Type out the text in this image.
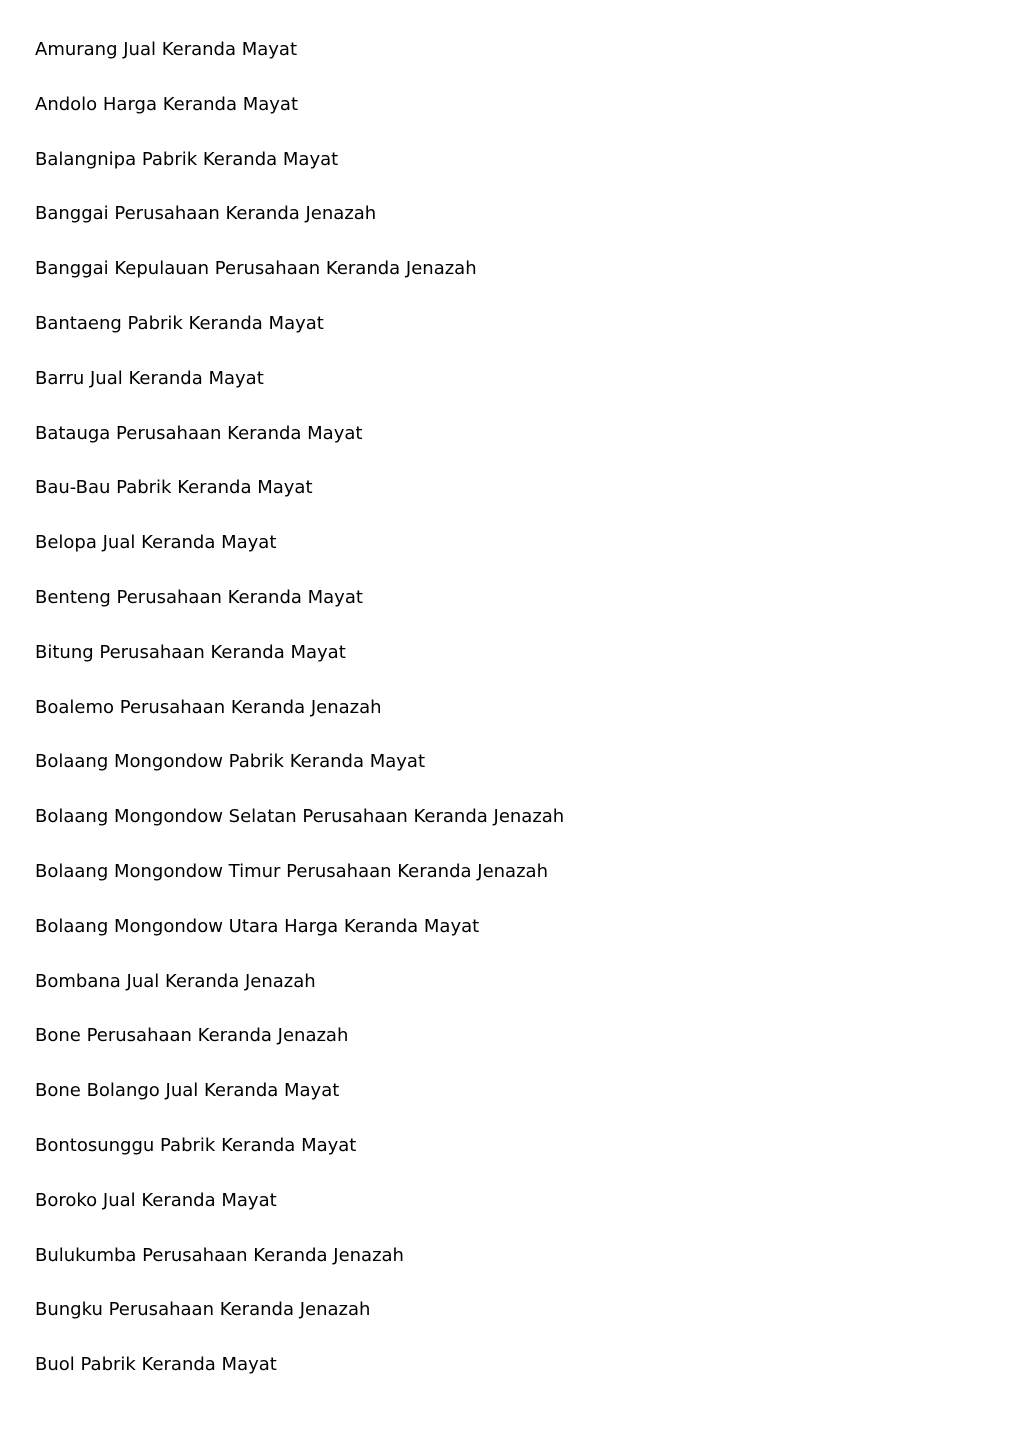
Amurang Jual Keranda Mayat
Andolo Harga Keranda Mayat
Balangnipa Pabrik Keranda Mayat
Banggai Perusahaan Keranda Jenazah
Banggai Kepulauan Perusahaan Keranda Jenazah
Bantaeng Pabrik Keranda Mayat
Barru Jual Keranda Mayat
Batauga Perusahaan Keranda Mayat
Bau-Bau Pabrik Keranda Mayat
Belopa Jual Keranda Mayat
Benteng Perusahaan Keranda Mayat
Bitung Perusahaan Keranda Mayat
Boalemo Perusahaan Keranda Jenazah
Bolaang Mongondow Pabrik Keranda Mayat
Bolaang Mongondow Selatan Perusahaan Keranda Jenazah
Bolaang Mongondow Timur Perusahaan Keranda Jenazah
Bolaang Mongondow Utara Harga Keranda Mayat
Bombana Jual Keranda Jenazah
Bone Perusahaan Keranda Jenazah
Bone Bolango Jual Keranda Mayat
Bontosunggu Pabrik Keranda Mayat
Boroko Jual Keranda Mayat
Bulukumba Perusahaan Keranda Jenazah
Bungku Perusahaan Keranda Jenazah
Buol Pabrik Keranda Mayat
